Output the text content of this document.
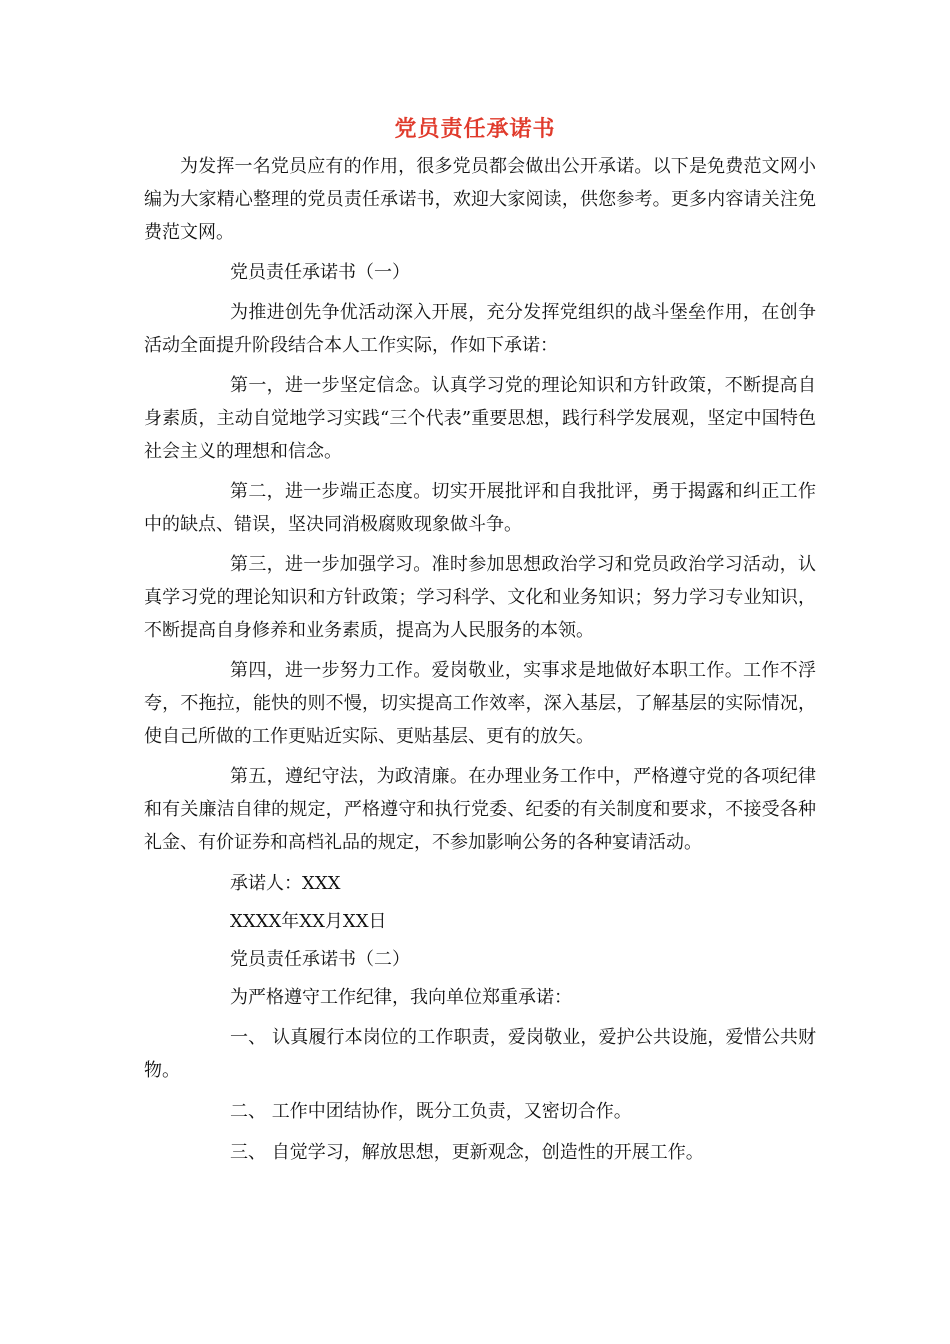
党员责任承诺书

为发挥一名党员应有的作用，很多党员都会做出公开承诺。以下是免费范文网小编为大家精心整理的党员责任承诺书，欢迎大家阅读，供您参考。更多内容请关注免费范文网。

党员责任承诺书（一）

为推进创先争优活动深入开展，充分发挥党组织的战斗堡垒作用，在创争活动全面提升阶段结合本人工作实际，作如下承诺：

第一，进一步坚定信念。认真学习党的理论知识和方针政策，不断提高自身素质，主动自觉地学习实践“三个代表”重要思想，践行科学发展观，坚定中国特色社会主义的理想和信念。

第二，进一步端正态度。切实开展批评和自我批评，勇于揭露和纠正工作中的缺点、错误，坚决同消极腐败现象做斗争。

第三，进一步加强学习。准时参加思想政治学习和党员政治学习活动，认真学习党的理论知识和方针政策；学习科学、文化和业务知识；努力学习专业知识，不断提高自身修养和业务素质，提高为人民服务的本领。

第四，进一步努力工作。爱岗敬业，实事求是地做好本职工作。工作不浮夸，不拖拉，能快的则不慢，切实提高工作效率，深入基层，了解基层的实际情况，使自己所做的工作更贴近实际、更贴基层、更有的放矢。

第五，遵纪守法，为政清廉。在办理业务工作中，严格遵守党的各项纪律和有关廉洁自律的规定，严格遵守和执行党委、纪委的有关制度和要求，不接受各种礼金、有价证券和高档礼品的规定，不参加影响公务的各种宴请活动。

承诺人：XXX

XXXX年XX月XX日

党员责任承诺书（二）

为严格遵守工作纪律，我向单位郑重承诺：

一、 认真履行本岗位的工作职责，爱岗敬业，爱护公共设施，爱惜公共财物。

二、 工作中团结协作，既分工负责，又密切合作。

三、 自觉学习，解放思想，更新观念，创造性的开展工作。
